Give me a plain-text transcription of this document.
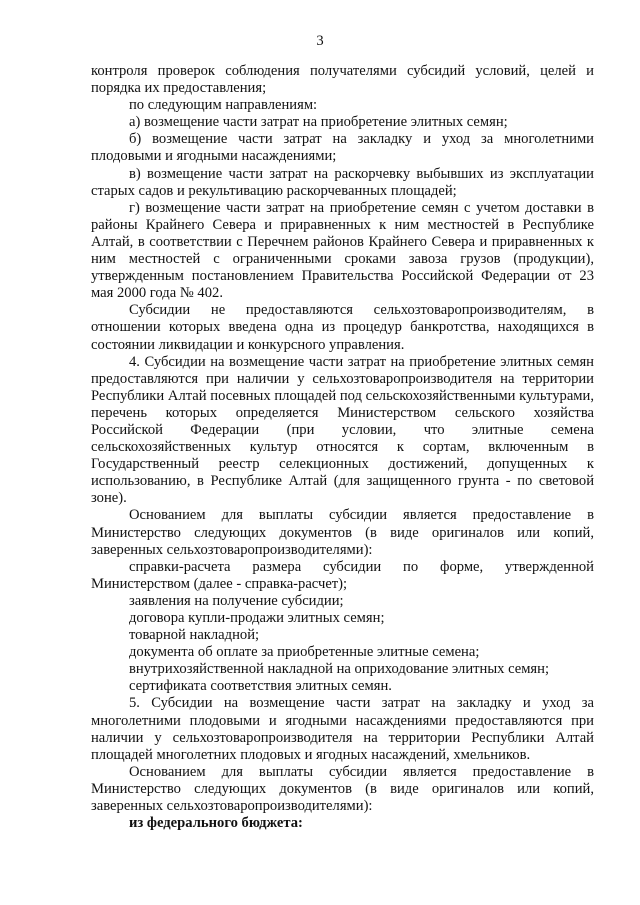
3

контроля проверок соблюдения получателями субсидий условий, целей и порядка их предоставления;

по следующим направлениям:

а) возмещение части затрат на приобретение элитных семян;

б) возмещение части затрат на закладку и уход за многолетними плодовыми и ягодными насаждениями;

в) возмещение части затрат на раскорчевку выбывших из эксплуатации старых садов и рекультивацию раскорчеванных площадей;

г) возмещение части затрат на приобретение семян с учетом доставки в районы Крайнего Севера и приравненных к ним местностей в Республике Алтай, в соответствии с Перечнем районов Крайнего Севера и приравненных к ним местностей с ограниченными сроками завоза грузов (продукции), утвержденным постановлением Правительства Российской Федерации от 23 мая 2000 года № 402.

Субсидии не предоставляются сельхозтоваропроизводителям, в отношении которых введена одна из процедур банкротства, находящихся в состоянии ликвидации и конкурсного управления.

4. Субсидии на возмещение части затрат на приобретение элитных семян предоставляются при наличии у сельхозтоваропроизводителя на территории Республики Алтай посевных площадей под сельскохозяйственными культурами, перечень которых определяется Министерством сельского хозяйства Российской Федерации (при условии, что элитные семена сельскохозяйственных культур относятся к сортам, включенным в Государственный реестр селекционных достижений, допущенных к использованию, в Республике Алтай (для защищенного грунта - по световой зоне).

Основанием для выплаты субсидии является предоставление в Министерство следующих документов (в виде оригиналов или копий, заверенных сельхозтоваропроизводителями):

справки-расчета размера субсидии по форме, утвержденной Министерством (далее - справка-расчет);

заявления на получение субсидии;

договора купли-продажи элитных семян;

товарной накладной;

документа об оплате за приобретенные элитные семена;

внутрихозяйственной накладной на оприходование элитных семян;

сертификата соответствия элитных семян.

5. Субсидии на возмещение части затрат на закладку и уход за многолетними плодовыми и ягодными насаждениями предоставляются при наличии у сельхозтоваропроизводителя на территории Республики Алтай площадей многолетних плодовых и ягодных насаждений, хмельников.

Основанием для выплаты субсидии является предоставление в Министерство следующих документов (в виде оригиналов или копий, заверенных сельхозтоваропроизводителями):

из федерального бюджета:
